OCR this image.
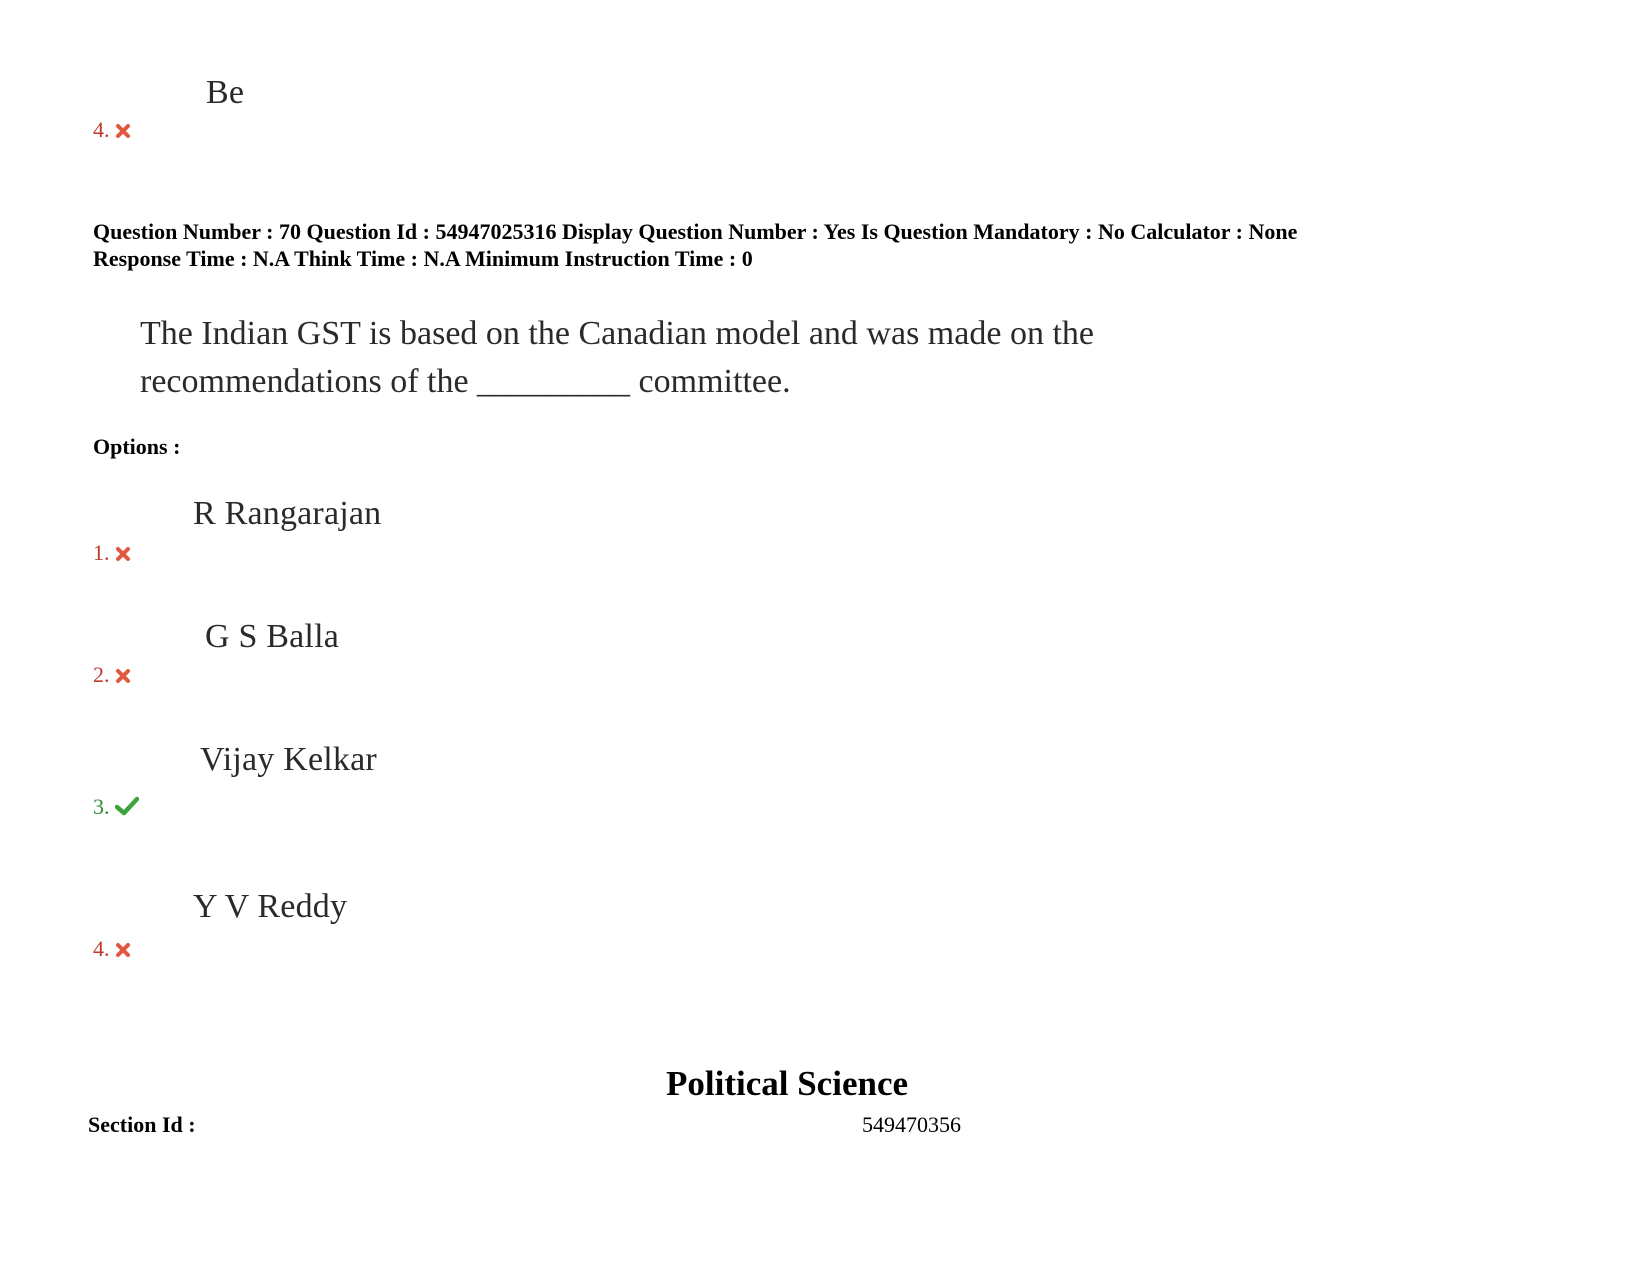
Be
4.
Question Number : 70 Question Id : 54947025316 Display Question Number : Yes Is Question Mandatory : No Calculator : None
Response Time : N.A Think Time : N.A Minimum Instruction Time : 0
The Indian GST is based on the Canadian model and was made on the
recommendations of the _________ committee.
Options :
R Rangarajan
1.
G S Balla
2.
Vijay Kelkar
3.
Y V Reddy
4.
Political Science
Section Id :	549470356
